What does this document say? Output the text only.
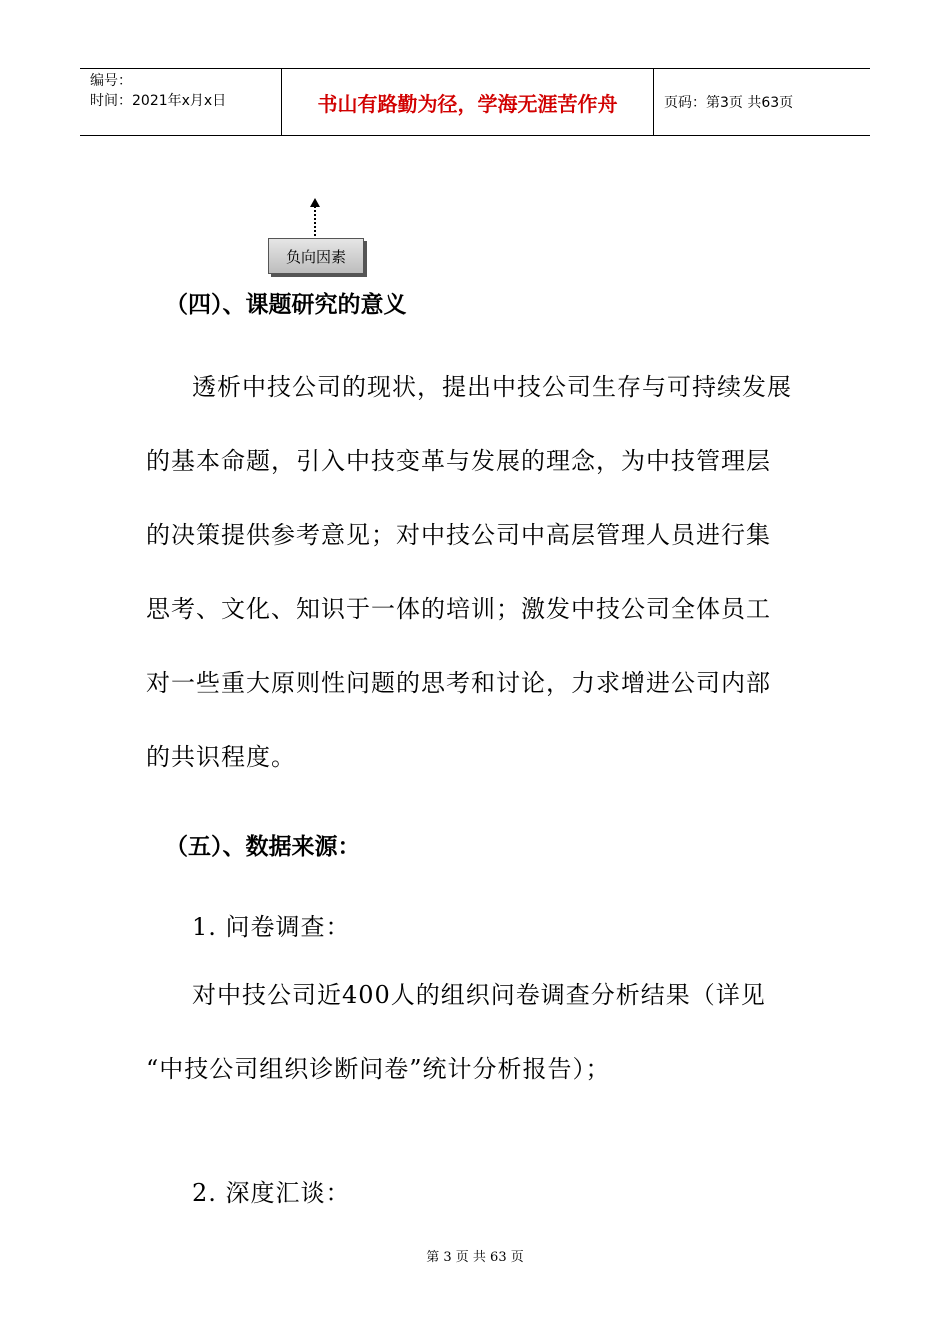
编号：
时间：2021年x月x日	书山有路勤为径，学海无涯苦作舟	页码：第3页 共63页
负向因素
（四）、课题研究的意义
透析中技公司的现状，提出中技公司生存与可持续发展
的基本命题，引入中技变革与发展的理念，为中技管理层
的决策提供参考意见；对中技公司中高层管理人员进行集
思考、文化、知识于一体的培训；激发中技公司全体员工
对一些重大原则性问题的思考和讨论，力求增进公司内部
的共识程度。
（五）、数据来源：
1. 问卷调查：
对中技公司近400人的组织问卷调查分析结果（详见
“中技公司组织诊断问卷”统计分析报告）；
2. 深度汇谈：
第 3 页 共 63 页
